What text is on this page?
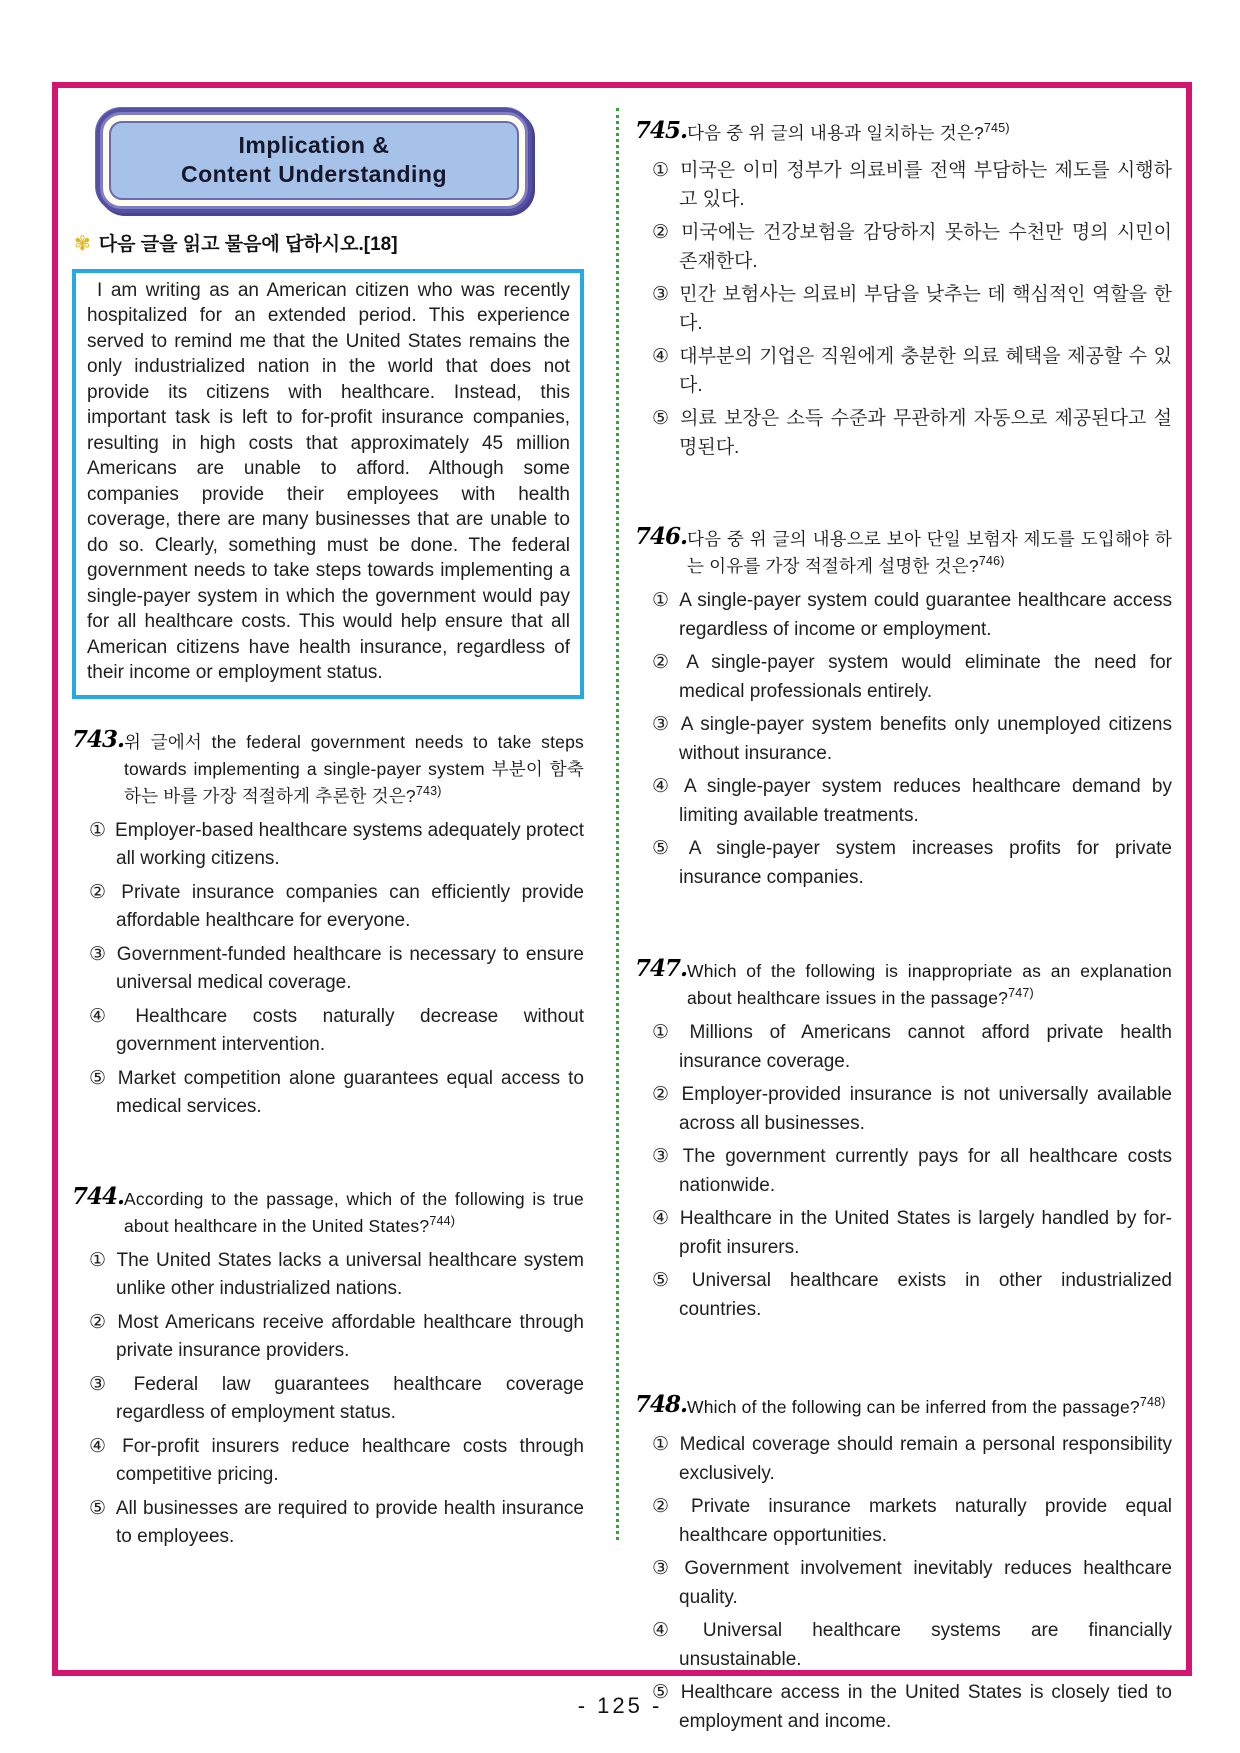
Implication &
Content Understanding
✾ 다음 글을 읽고 물음에 답하시오.[18]

I am writing as an American citizen who was recently hospitalized for an extended period. This experience served to remind me that the United States remains the only industrialized nation in the world that does not provide its citizens with healthcare. Instead, this important task is left to for-profit insurance companies, resulting in high costs that approximately 45 million Americans are unable to afford. Although some companies provide their employees with health coverage, there are many businesses that are unable to do so. Clearly, something must be done. The federal government needs to take steps towards implementing a single-payer system in which the government would pay for all healthcare costs. This would help ensure that all American citizens have health insurance, regardless of their income or employment status.

743. 위 글에서 the federal government needs to take steps towards implementing a single-payer system 부분이 함축하는 바를 가장 적절하게 추론한 것은?$^{743)}$
① Employer-based healthcare systems adequately protect all working citizens.
② Private insurance companies can efficiently provide affordable healthcare for everyone.
③ Government-funded healthcare is necessary to ensure universal medical coverage.
④ Healthcare costs naturally decrease without government intervention.
⑤ Market competition alone guarantees equal access to medical services.
744. According to the passage, which of the following is true about healthcare in the United States?$^{744)}$
① The United States lacks a universal healthcare system unlike other industrialized nations.
② Most Americans receive affordable healthcare through private insurance providers.
③ Federal law guarantees healthcare coverage regardless of employment status.
④ For-profit insurers reduce healthcare costs through competitive pricing.
⑤ All businesses are required to provide health insurance to employees.
745. 다음 중 위 글의 내용과 일치하는 것은?$^{745)}$
① 미국은 이미 정부가 의료비를 전액 부담하는 제도를 시행하고 있다.
② 미국에는 건강보험을 감당하지 못하는 수천만 명의 시민이 존재한다.
③ 민간 보험사는 의료비 부담을 낮추는 데 핵심적인 역할을 한다.
④ 대부분의 기업은 직원에게 충분한 의료 혜택을 제공할 수 있다.
⑤ 의료 보장은 소득 수준과 무관하게 자동으로 제공된다고 설명된다.
746. 다음 중 위 글의 내용으로 보아 단일 보험자 제도를 도입해야 하는 이유를 가장 적절하게 설명한 것은?$^{746)}$
① A single-payer system could guarantee healthcare access regardless of income or employment.
② A single-payer system would eliminate the need for medical professionals entirely.
③ A single-payer system benefits only unemployed citizens without insurance.
④ A single-payer system reduces healthcare demand by limiting available treatments.
⑤ A single-payer system increases profits for private insurance companies.
747. Which of the following is inappropriate as an explanation about healthcare issues in the passage?$^{747)}$
① Millions of Americans cannot afford private health insurance coverage.
② Employer-provided insurance is not universally available across all businesses.
③ The government currently pays for all healthcare costs nationwide.
④ Healthcare in the United States is largely handled by for-profit insurers.
⑤ Universal healthcare exists in other industrialized countries.
748. Which of the following can be inferred from the passage?$^{748)}$
① Medical coverage should remain a personal responsibility exclusively.
② Private insurance markets naturally provide equal healthcare opportunities.
③ Government involvement inevitably reduces healthcare quality.
④ Universal healthcare systems are financially unsustainable.
⑤ Healthcare access in the United States is closely tied to employment and income.
- 125 -
